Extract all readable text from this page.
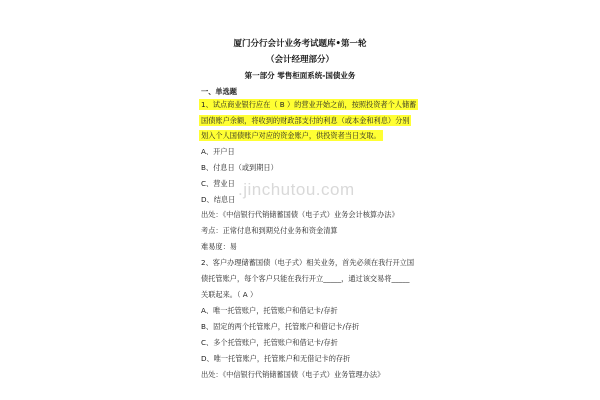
厦门分行会计业务考试题库•第一轮
（会计经理部分）
第一部分 零售柜面系统-国债业务
一、单选题
1、试点商业银行应在（ B ）的营业开始之前，按照投资者个人储蓄
国债账户余额，将收到的财政部支付的利息（或本金和利息）分别
划入个人国债账户对应的资金账户，供投资者当日支取。
A、开户日
B、付息日（或到期日）
C、营业日
D、结息日
出处：《中信银行代销储蓄国债（电子式）业务会计核算办法》
考点：正常付息和到期兑付业务和资金清算
难易度：易
2、客户办理储蓄国债（电子式）相关业务，首先必须在我行开立国
债托管账户，每个客户只能在我行开立_____，通过该交易将_____
关联起来。（ A ）
A、唯一托管账户，托管账户和借记卡/存折
B、固定的两个托管账户，托管账户和借记卡/存折
C、多个托管账户，托管账户和借记卡/存折
D、唯一托管账户，托管账户和无借记卡的存折
出处：《中信银行代销储蓄国债（电子式）业务管理办法》
.jinchutou.com
